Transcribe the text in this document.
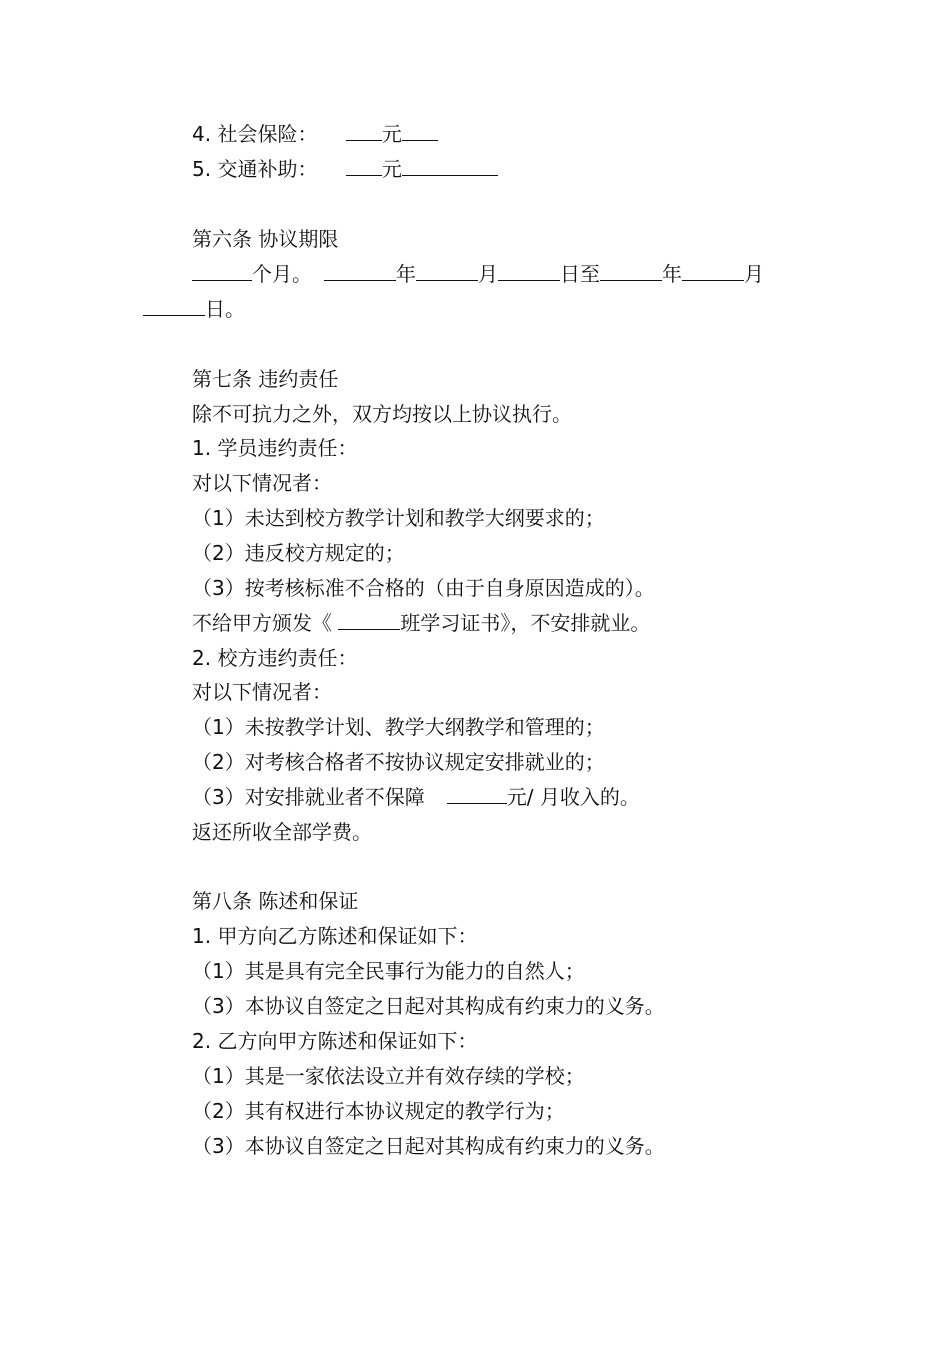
4. 社会保险：	元
5. 交通补助：	元
第六条 协议期限
个月。	年	月	日至	年	月
日。
第七条 违约责任
除不可抗力之外，双方均按以上协议执行。
1. 学员违约责任：
对以下情况者：
（1）未达到校方教学计划和教学大纲要求的；
（2）违反校方规定的；
（3）按考核标准不合格的（由于自身原因造成的）。
不给甲方颁发《	班学习证书》，不安排就业。
2. 校方违约责任：
对以下情况者：
（1）未按教学计划、教学大纲教学和管理的；
（2）对考核合格者不按协议规定安排就业的；
（3）对安排就业者不保障	元/ 月收入的。
返还所收全部学费。
第八条 陈述和保证
1. 甲方向乙方陈述和保证如下：
（1）其是具有完全民事行为能力的自然人；
（3）本协议自签定之日起对其构成有约束力的义务。
2. 乙方向甲方陈述和保证如下：
（1）其是一家依法设立并有效存续的学校；
（2）其有权进行本协议规定的教学行为；
（3）本协议自签定之日起对其构成有约束力的义务。
